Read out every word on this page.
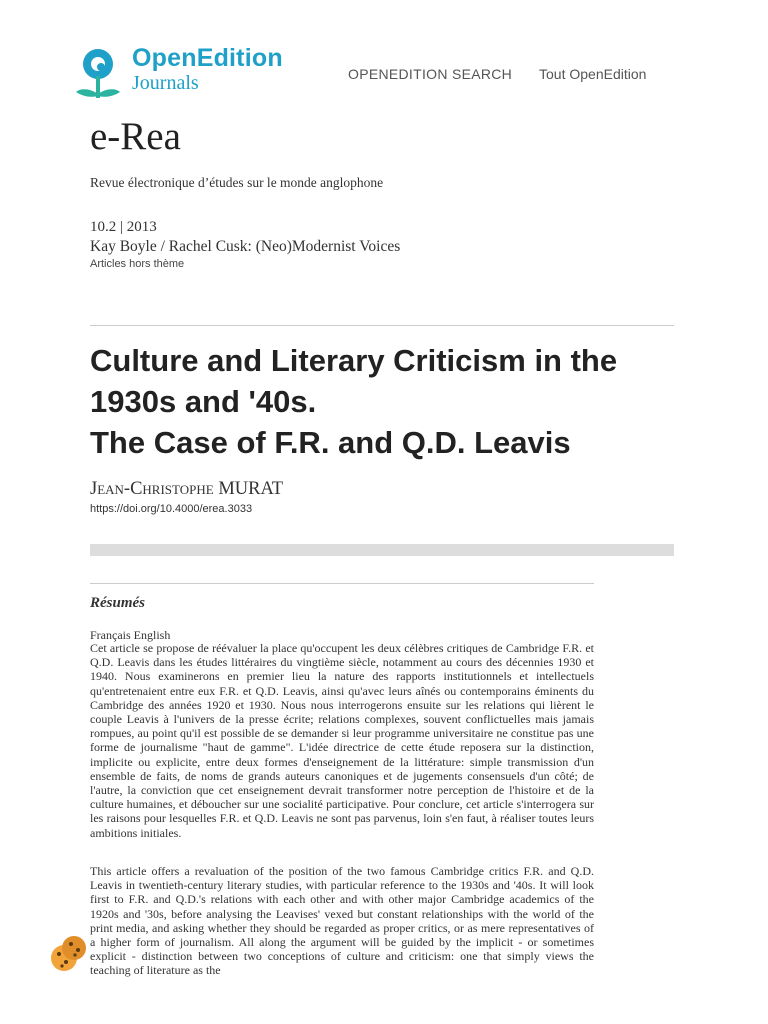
OpenEdition
Journals	OPENEDITION SEARCH Tout OpenEdition
e-Rea
Revue électronique d’études sur le monde anglophone
10.2 | 2013
Kay Boyle / Rachel Cusk: (Neo)Modernist Voices
Articles hors thème
Culture and Literary Criticism in the
1930s and '40s.
The Case of F.R. and Q.D. Leavis
Jean-Christophe MURAT
https://doi.org/10.4000/erea.3033
Résumés
Français English
Cet article se propose de réévaluer la place qu'occupent les deux célèbres critiques de Cambridge F.R. et Q.D. Leavis dans les études littéraires du vingtième siècle, notamment au cours des décennies 1930 et 1940. Nous examinerons en premier lieu la nature des rapports institutionnels et intellectuels qu'entretenaient entre eux F.R. et Q.D. Leavis, ainsi qu'avec leurs aînés ou contemporains éminents du Cambridge des années 1920 et 1930. Nous nous interrogerons ensuite sur les relations qui lièrent le couple Leavis à l'univers de la presse écrite; relations complexes, souvent conflictuelles mais jamais rompues, au point qu'il est possible de se demander si leur programme universitaire ne constitue pas une forme de journalisme "haut de gamme". L'idée directrice de cette étude reposera sur la distinction, implicite ou explicite, entre deux formes d'enseignement de la littérature: simple transmission d'un ensemble de faits, de noms de grands auteurs canoniques et de jugements consensuels d'un côté; de l'autre, la conviction que cet enseignement devrait transformer notre perception de l'histoire et de la culture humaines, et déboucher sur une socialité participative. Pour conclure, cet article s'interrogera sur les raisons pour lesquelles F.R. et Q.D. Leavis ne sont pas parvenus, loin s'en faut, à réaliser toutes leurs ambitions initiales.
This article offers a revaluation of the position of the two famous Cambridge critics F.R. and Q.D. Leavis in twentieth-century literary studies, with particular reference to the 1930s and '40s. It will look first to F.R. and Q.D.'s relations with each other and with other major Cambridge academics of the 1920s and '30s, before analysing the Leavises' vexed but constant relationships with the world of the print media, and asking whether they should be regarded as proper critics, or as mere representatives of a higher form of journalism. All along the argument will be guided by the implicit - or sometimes explicit - distinction between two conceptions of culture and criticism: one that simply views the teaching of literature as the
